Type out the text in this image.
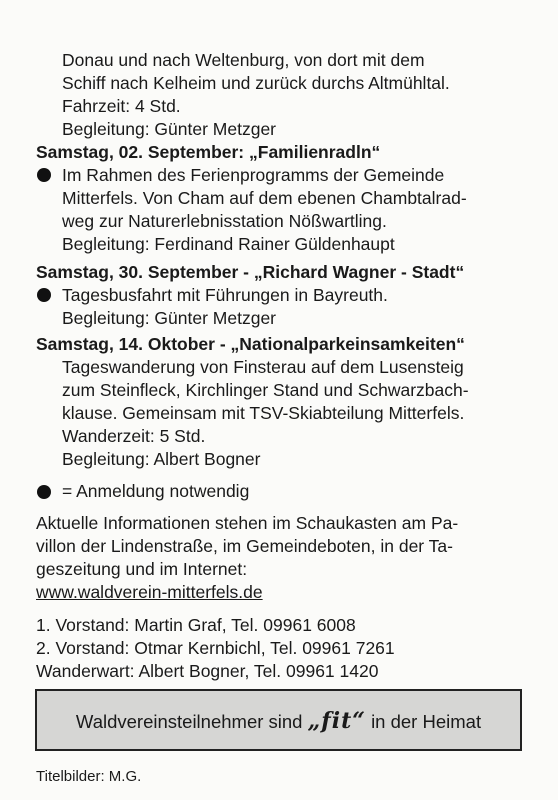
Donau und nach Weltenburg, von dort mit dem
Schiff nach Kelheim und zurück durchs Altmühltal.
Fahrzeit: 4 Std.
Begleitung: Günter Metzger
Samstag, 02. September: „Familienradln“
Im Rahmen des Ferienprogramms der Gemeinde
Mitterfels. Von Cham auf dem ebenen Chambtalrad-
weg zur Naturerlebnisstation Nößwartling.
Begleitung: Ferdinand Rainer Güldenhaupt
Samstag, 30. September - „Richard Wagner - Stadt“
Tagesbusfahrt mit Führungen in Bayreuth.
Begleitung: Günter Metzger
Samstag, 14. Oktober - „Nationalparkeinsamkeiten“
Tageswanderung von Finsterau auf dem Lusensteig
zum Steinfleck, Kirchlinger Stand und Schwarzbach-
klause. Gemeinsam mit TSV-Skiabteilung Mitterfels.
Wanderzeit: 5 Std.
Begleitung: Albert Bogner
= Anmeldung notwendig
Aktuelle Informationen stehen im Schaukasten am Pa-
villon der Lindenstraße, im Gemeindeboten, in der Ta-
geszeitung und im Internet:
www.waldverein-mitterfels.de
1. Vorstand: Martin Graf, Tel. 09961 6008
2. Vorstand: Otmar Kernbichl, Tel. 09961 7261
Wanderwart: Albert Bogner, Tel. 09961 1420
Waldvereinsteilnehmer sind „fit“ in der Heimat
Titelbilder: M.G.
